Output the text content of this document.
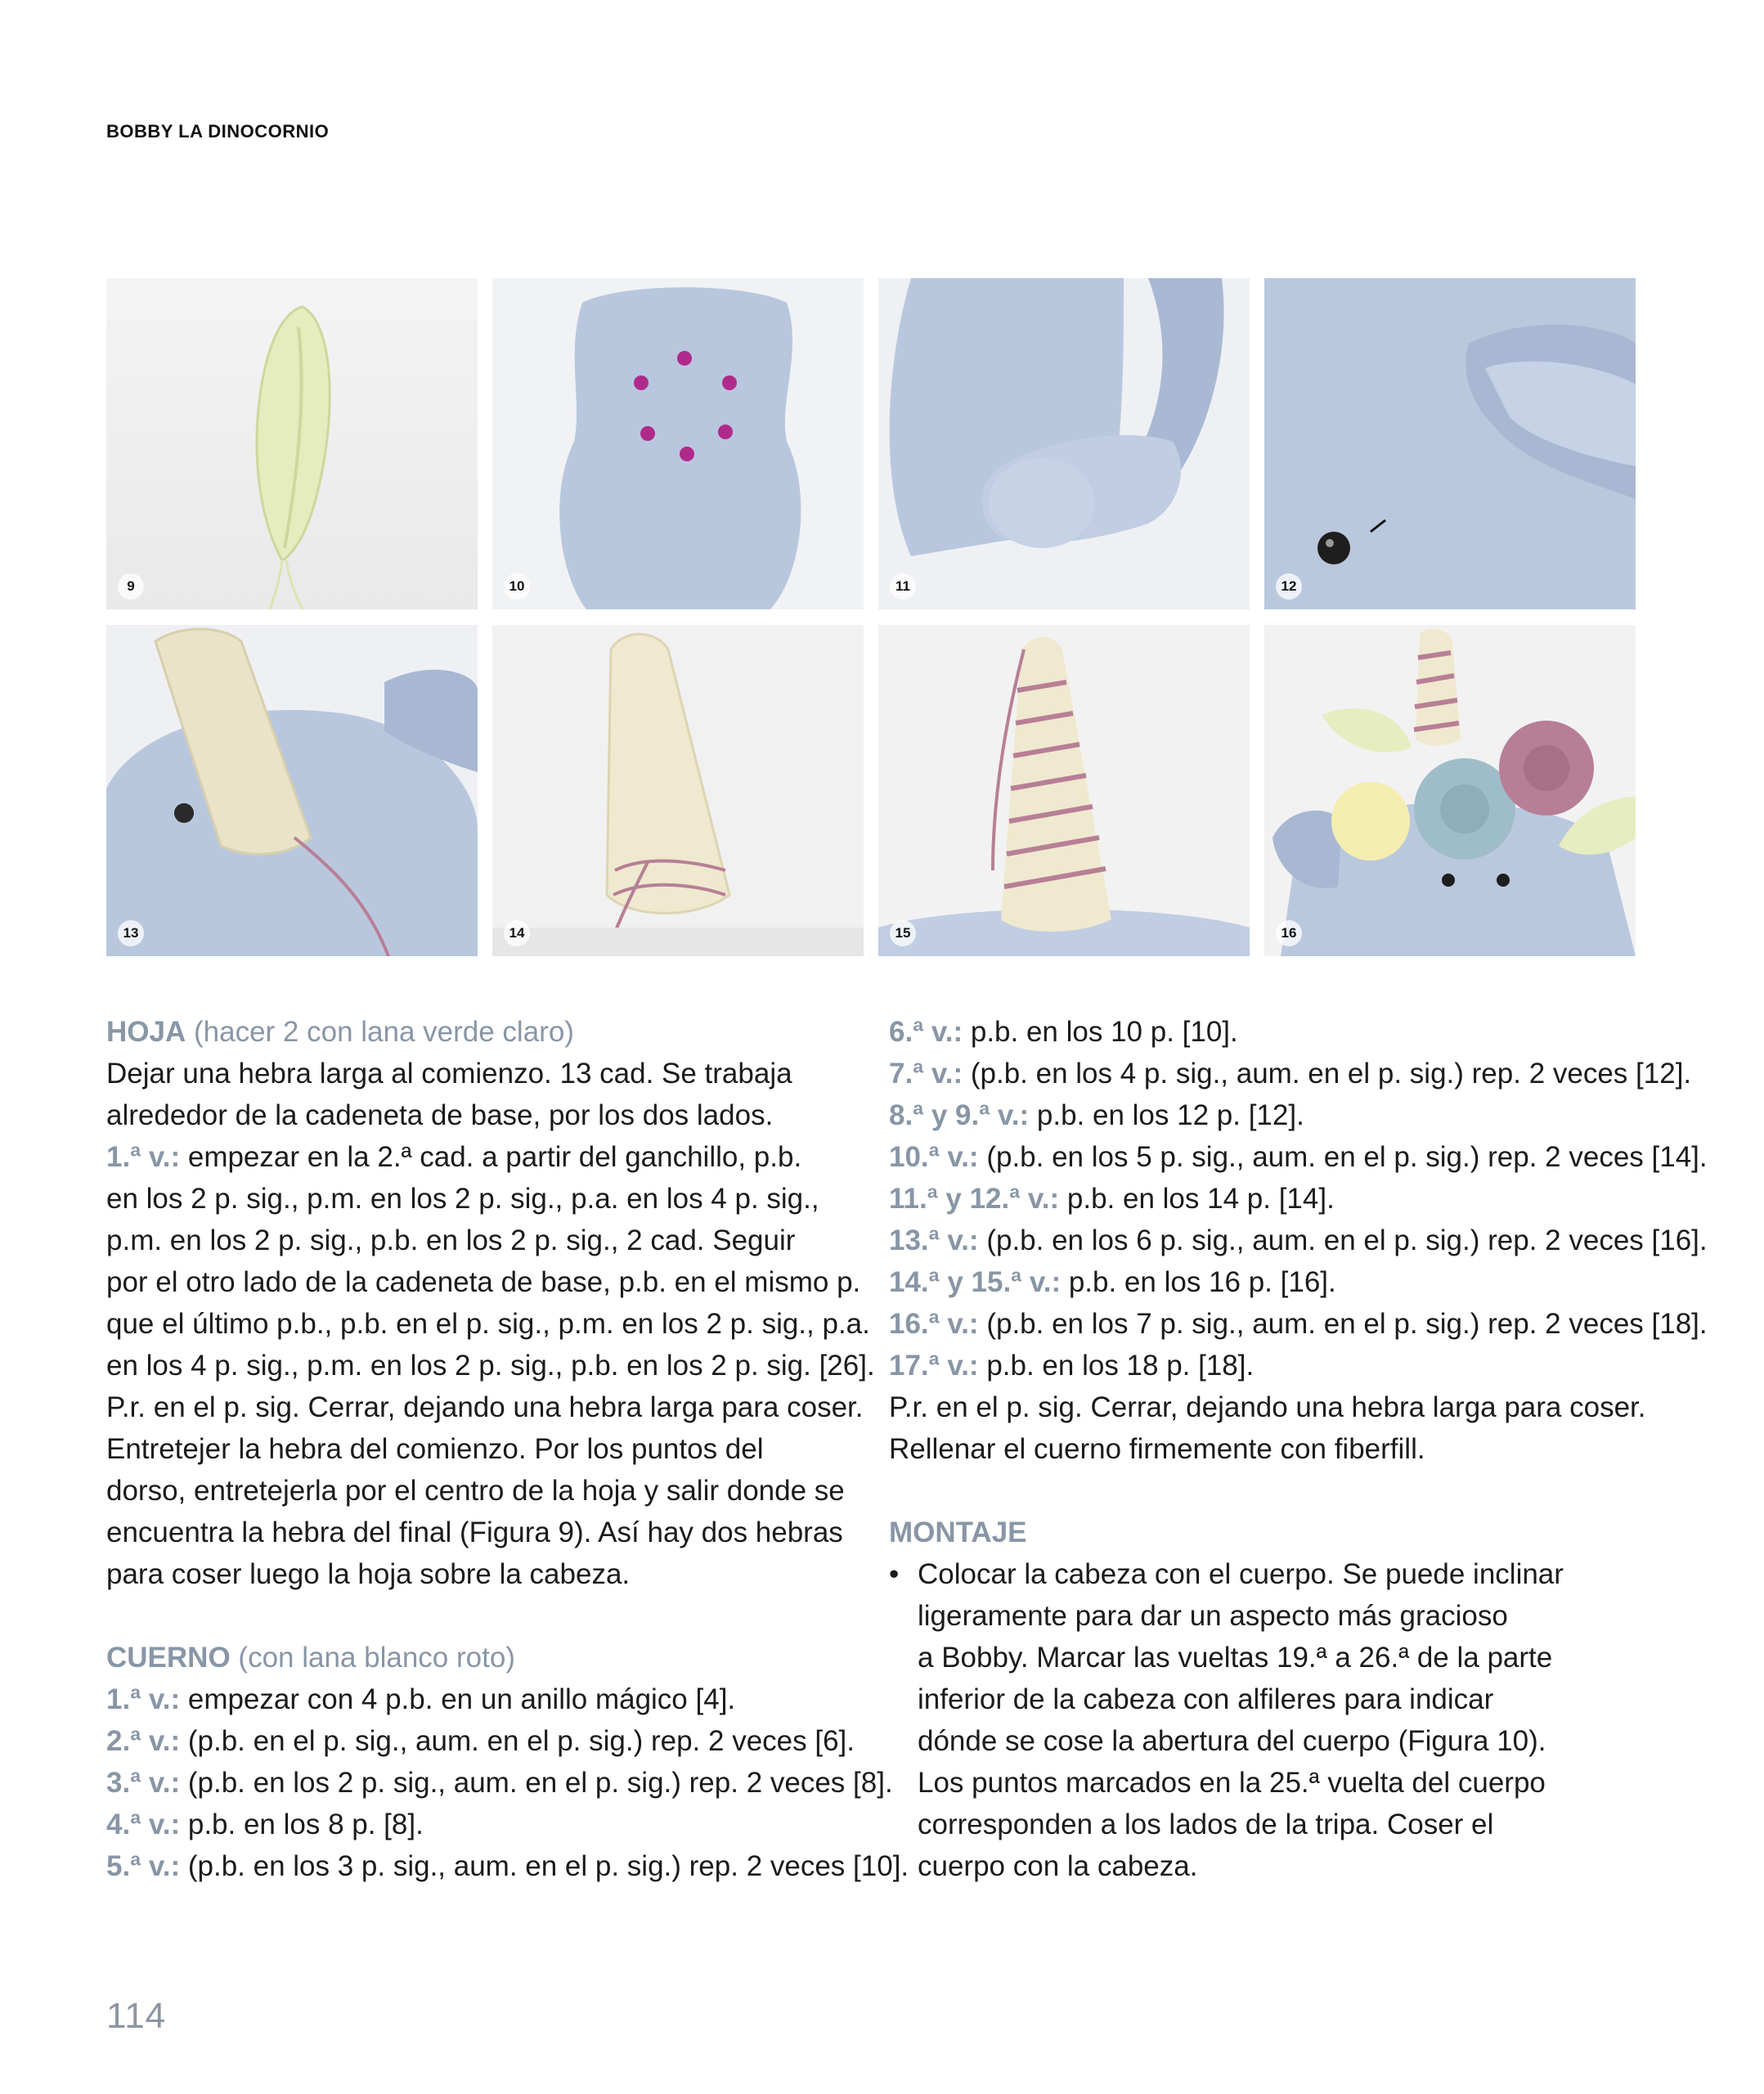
BOBBY LA DINOCORNIO
9	10	11	12
13	14	15	16

HOJA (hacer 2 con lana verde claro)

Dejar una hebra larga al comienzo. 13 cad. Se trabaja

alrededor de la cadeneta de base, por los dos lados.

1.ª v.: empezar en la 2.ª cad. a partir del ganchillo, p.b.

en los 2 p. sig., p.m. en los 2 p. sig., p.a. en los 4 p. sig.,

p.m. en los 2 p. sig., p.b. en los 2 p. sig., 2 cad. Seguir

por el otro lado de la cadeneta de base, p.b. en el mismo p.

que el último p.b., p.b. en el p. sig., p.m. en los 2 p. sig., p.a.

en los 4 p. sig., p.m. en los 2 p. sig., p.b. en los 2 p. sig. [26].

P.r. en el p. sig. Cerrar, dejando una hebra larga para coser.

Entretejer la hebra del comienzo. Por los puntos del

dorso, entretejerla por el centro de la hoja y salir donde se

encuentra la hebra del final (Figura 9). Así hay dos hebras

para coser luego la hoja sobre la cabeza.

CUERNO (con lana blanco roto)

1.ª v.: empezar con 4 p.b. en un anillo mágico [4].

2.ª v.: (p.b. en el p. sig., aum. en el p. sig.) rep. 2 veces [6].

3.ª v.: (p.b. en los 2 p. sig., aum. en el p. sig.) rep. 2 veces [8].

4.ª v.: p.b. en los 8 p. [8].

5.ª v.: (p.b. en los 3 p. sig., aum. en el p. sig.) rep. 2 veces [10].

6.ª v.: p.b. en los 10 p. [10].

7.ª v.: (p.b. en los 4 p. sig., aum. en el p. sig.) rep. 2 veces [12].

8.ª y 9.ª v.: p.b. en los 12 p. [12].

10.ª v.: (p.b. en los 5 p. sig., aum. en el p. sig.) rep. 2 veces [14].

11.ª y 12.ª v.: p.b. en los 14 p. [14].

13.ª v.: (p.b. en los 6 p. sig., aum. en el p. sig.) rep. 2 veces [16].

14.ª y 15.ª v.: p.b. en los 16 p. [16].

16.ª v.: (p.b. en los 7 p. sig., aum. en el p. sig.) rep. 2 veces [18].

17.ª v.: p.b. en los 18 p. [18].

P.r. en el p. sig. Cerrar, dejando una hebra larga para coser.

Rellenar el cuerno firmemente con fiberfill.

MONTAJE

• Colocar la cabeza con el cuerpo. Se puede inclinar

ligeramente para dar un aspecto más gracioso

a Bobby. Marcar las vueltas 19.ª a 26.ª de la parte

inferior de la cabeza con alfileres para indicar

dónde se cose la abertura del cuerpo (Figura 10).

Los puntos marcados en la 25.ª vuelta del cuerpo

corresponden a los lados de la tripa. Coser el

cuerpo con la cabeza.

114
